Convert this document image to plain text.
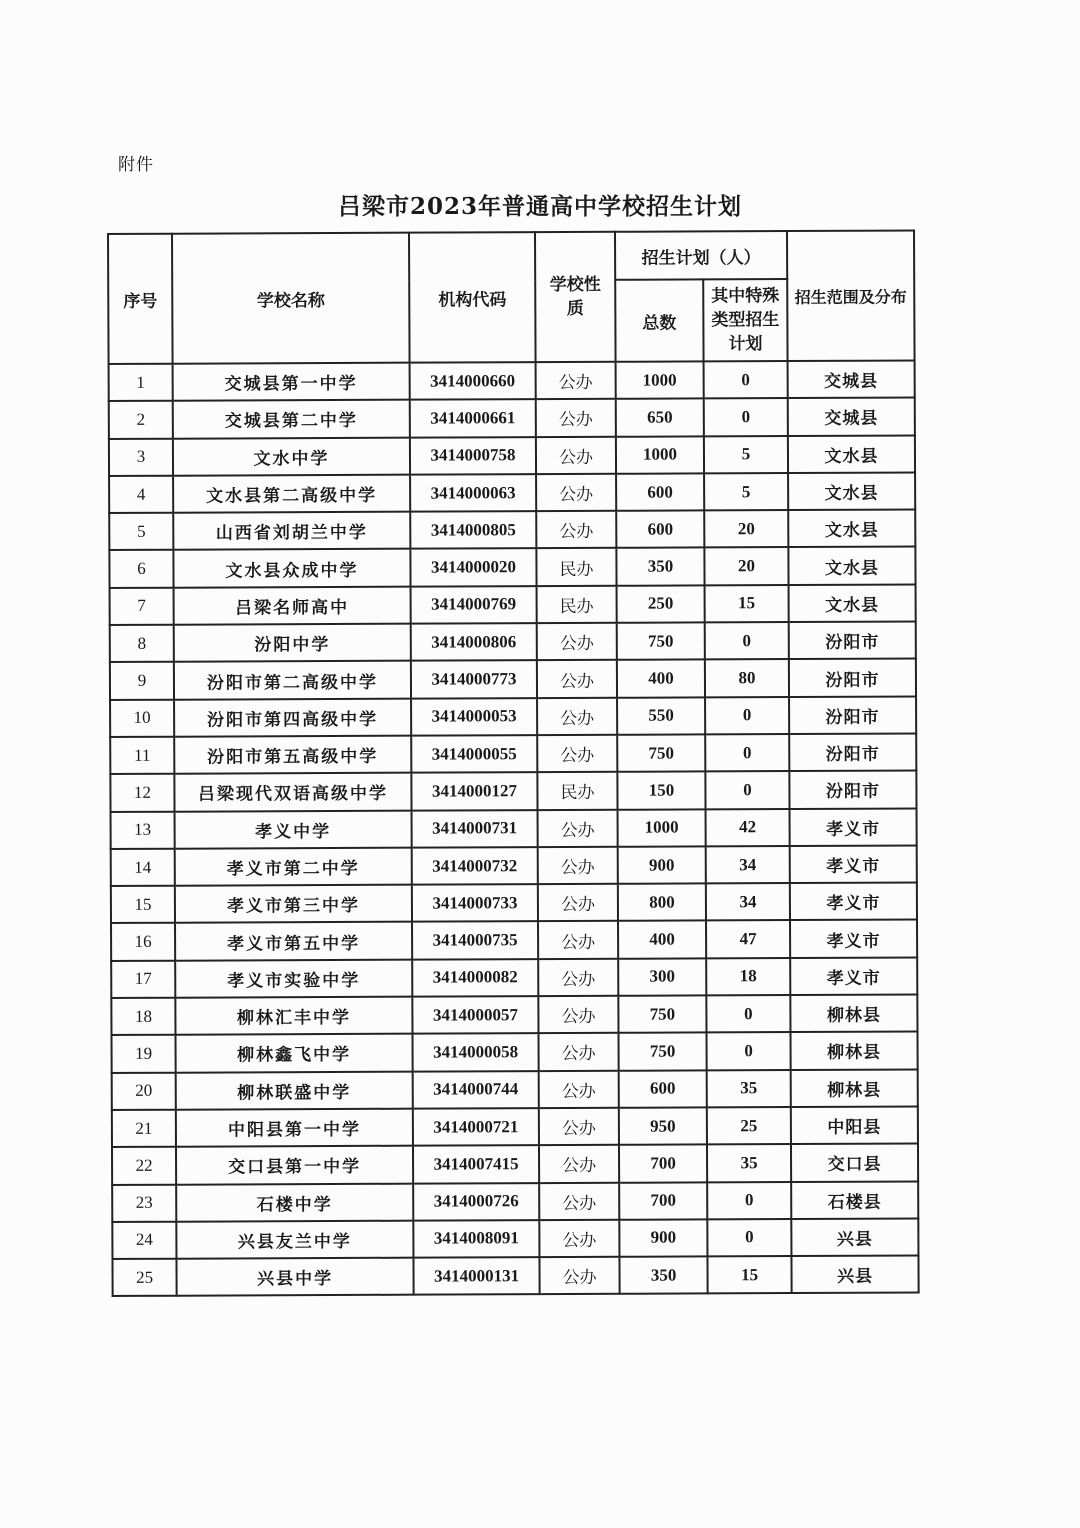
附件
吕梁市2023年普通高中学校招生计划
序号	学校名称	机构代码	学校性质	招生计划（人）		招生范围及分布
				总数	其中特殊类型招生计划	
1	交城县第一中学	3414000660	公办	1000	0	交城县
2	交城县第二中学	3414000661	公办	650	0	交城县
3	文水中学	3414000758	公办	1000	5	文水县
4	文水县第二高级中学	3414000063	公办	600	5	文水县
5	山西省刘胡兰中学	3414000805	公办	600	20	文水县
6	文水县众成中学	3414000020	民办	350	20	文水县
7	吕梁名师高中	3414000769	民办	250	15	文水县
8	汾阳中学	3414000806	公办	750	0	汾阳市
9	汾阳市第二高级中学	3414000773	公办	400	80	汾阳市
10	汾阳市第四高级中学	3414000053	公办	550	0	汾阳市
11	汾阳市第五高级中学	3414000055	公办	750	0	汾阳市
12	吕梁现代双语高级中学	3414000127	民办	150	0	汾阳市
13	孝义中学	3414000731	公办	1000	42	孝义市
14	孝义市第二中学	3414000732	公办	900	34	孝义市
15	孝义市第三中学	3414000733	公办	800	34	孝义市
16	孝义市第五中学	3414000735	公办	400	47	孝义市
17	孝义市实验中学	3414000082	公办	300	18	孝义市
18	柳林汇丰中学	3414000057	公办	750	0	柳林县
19	柳林鑫飞中学	3414000058	公办	750	0	柳林县
20	柳林联盛中学	3414000744	公办	600	35	柳林县
21	中阳县第一中学	3414000721	公办	950	25	中阳县
22	交口县第一中学	3414007415	公办	700	35	交口县
23	石楼中学	3414000726	公办	700	0	石楼县
24	兴县友兰中学	3414008091	公办	900	0	兴县
25	兴县中学	3414000131	公办	350	15	兴县
